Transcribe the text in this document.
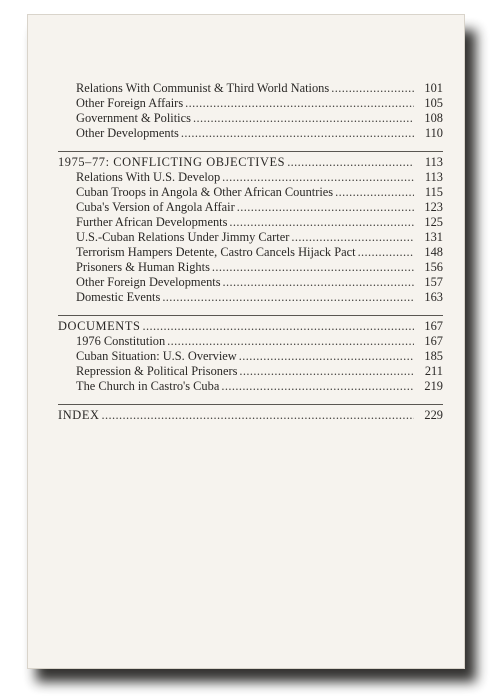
Relations With Communist & Third World Nations .....	101
Other Foreign Affairs .....	105
Government & Politics .....	108
Other Developments .....	110
1975–77: CONFLICTING OBJECTIVES .....	113
Relations With U.S. Develop .....	113
Cuban Troops in Angola & Other African Countries .....	115
Cuba's Version of Angola Affair .....	123
Further African Developments .....	125
U.S.-Cuban Relations Under Jimmy Carter .....	131
Terrorism Hampers Detente, Castro Cancels Hijack Pact .....	148
Prisoners & Human Rights .....	156
Other Foreign Developments .....	157
Domestic Events .....	163
DOCUMENTS .....	167
1976 Constitution .....	167
Cuban Situation: U.S. Overview .....	185
Repression & Political Prisoners .....	211
The Church in Castro's Cuba .....	219
INDEX .....	229
